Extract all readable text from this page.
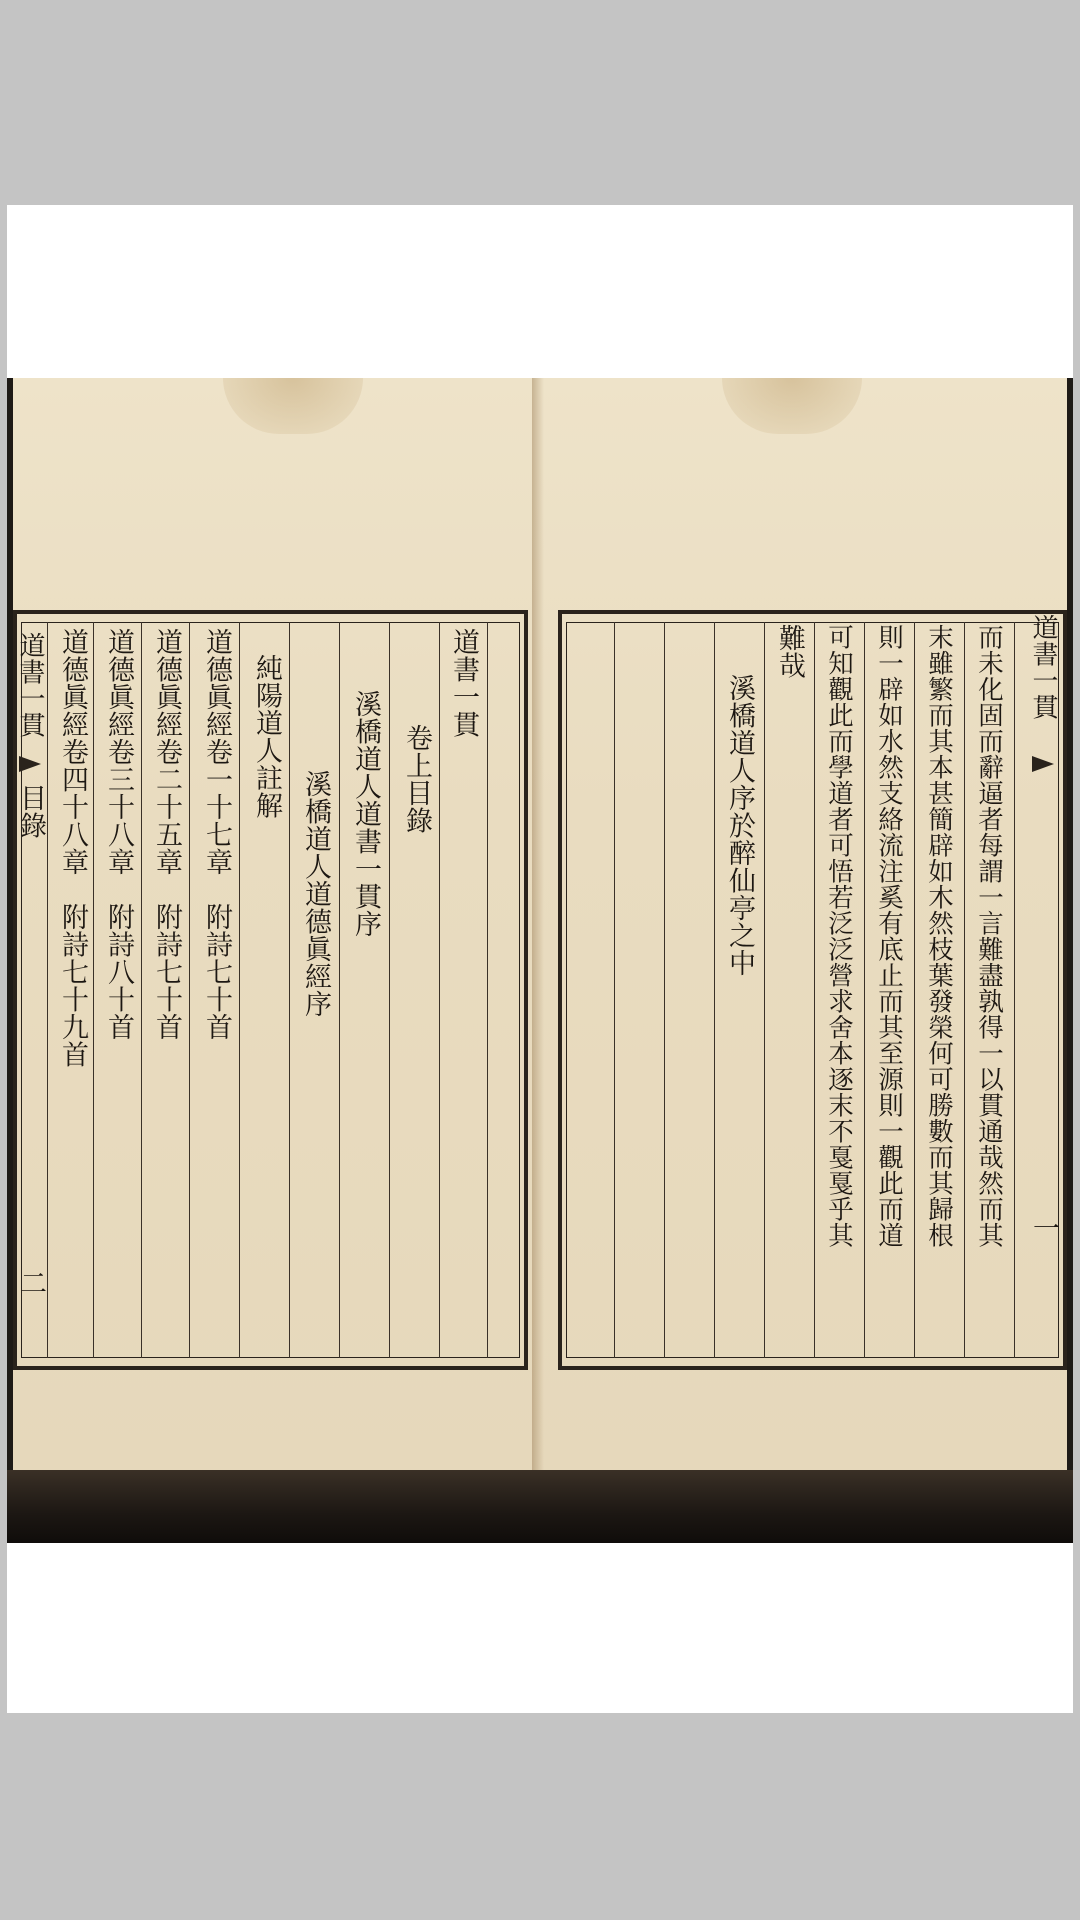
道書一貫
目錄
二
道書一貫
卷上目錄
溪橋道人道書一貫序
溪橋道人道德眞經序
純陽道人註解
道德眞經卷一十七章　附詩七十首
道德眞經卷二十五章　附詩七十首
道德眞經卷三十八章　附詩八十首
道德眞經卷四十八章　附詩七十九首	而未化固而辭逼者每謂一言難盡孰得一以貫通哉然而其
末雖繁而其本甚簡辟如木然枝葉發榮何可勝數而其歸根
則一辟如水然支絡流注奚有底止而其至源則一觀此而道
可知觀此而學道者可悟若泛泛營求舍本逐末不戛戛乎其
難哉
溪橋道人序於醉仙亭之中
道書一貫
一
